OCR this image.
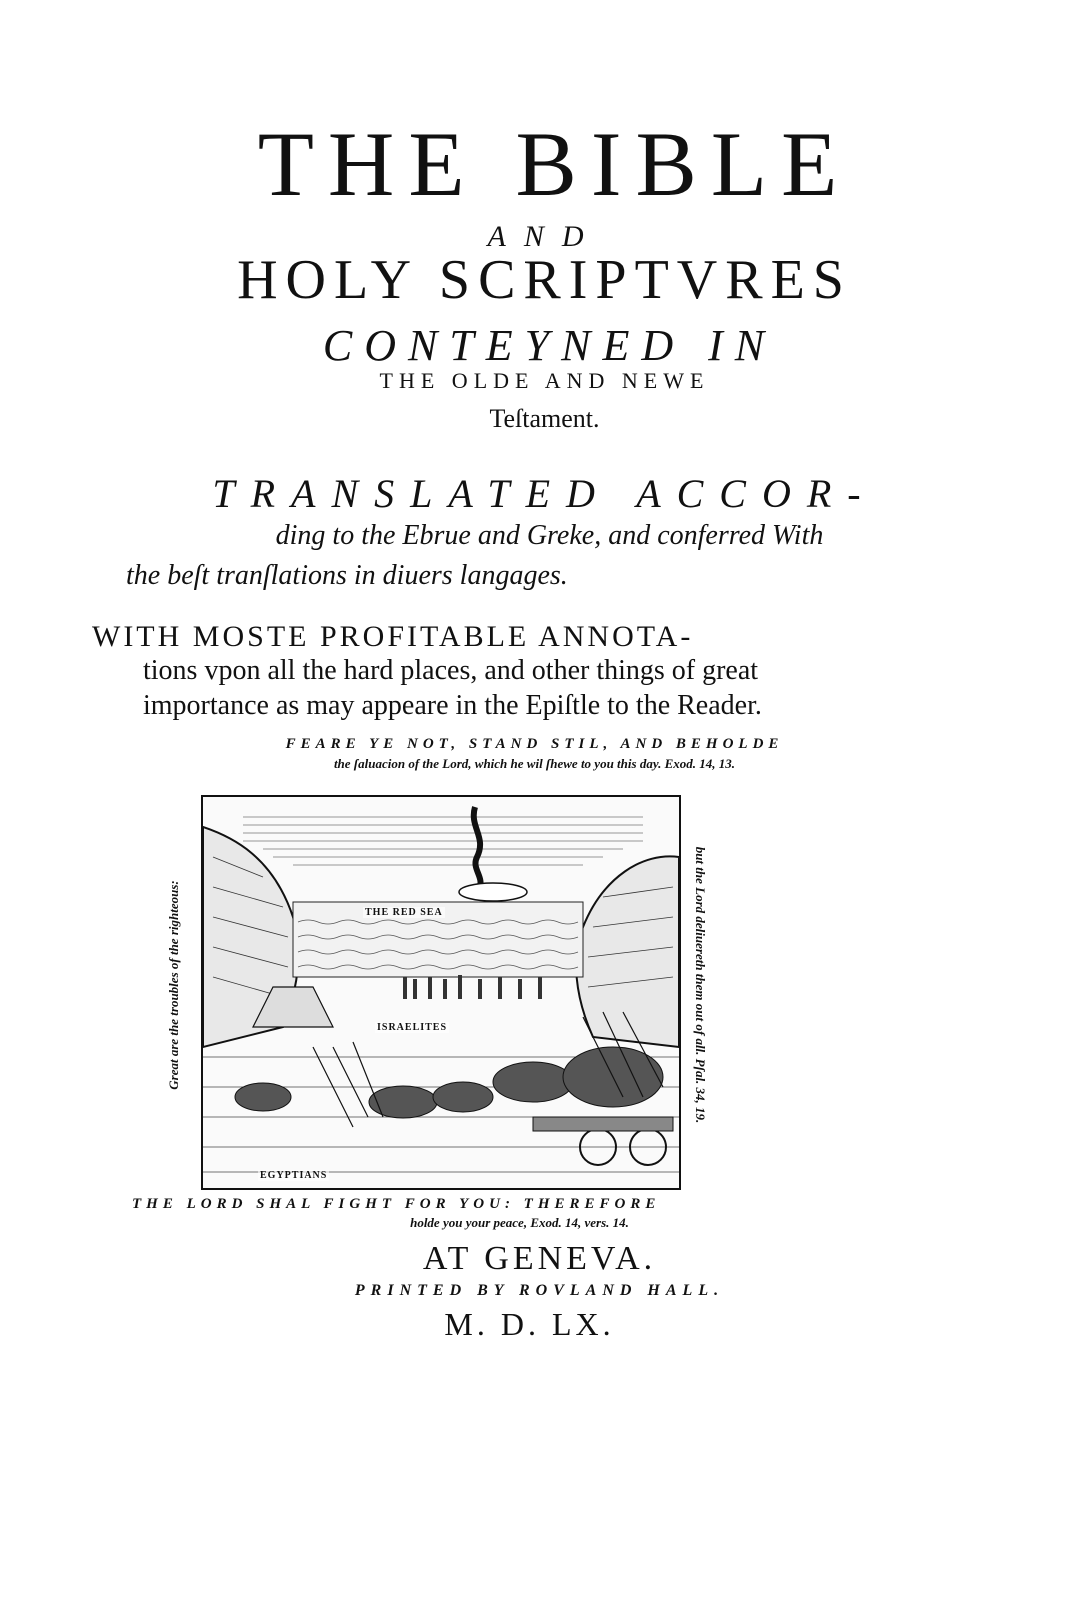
THE BIBLE
AND
HOLY SCRIPTVRES
CONTEYNED IN
THE OLDE AND NEWE
Teſtament.
TRANSLATED ACCOR-
ding to the Ebrue and Greke, and conferred With
the beſt tranſlations in diuers langages.
WITH MOSTE PROFITABLE ANNOTA-
tions vpon all the hard places, and other things of great
importance as may appeare in the Epiſtle to the Reader.
FEARE YE NOT, STAND STIL, AND BEHOLDE
the ſaluacion of the Lord, which he wil ſhewe to you this day. Exod. 14, 13.
Great are the troubles of the righteous:	but the Lord deliuereth them out of all. Pſal. 34, 19.
THE RED SEA
ISRAELITES
EGYPTIANS
THE LORD SHAL FIGHT FOR YOU: THEREFORE
holde you your peace, Exod. 14, vers. 14.
AT GENEVA.
PRINTED BY ROVLAND HALL.
M. D. LX.
